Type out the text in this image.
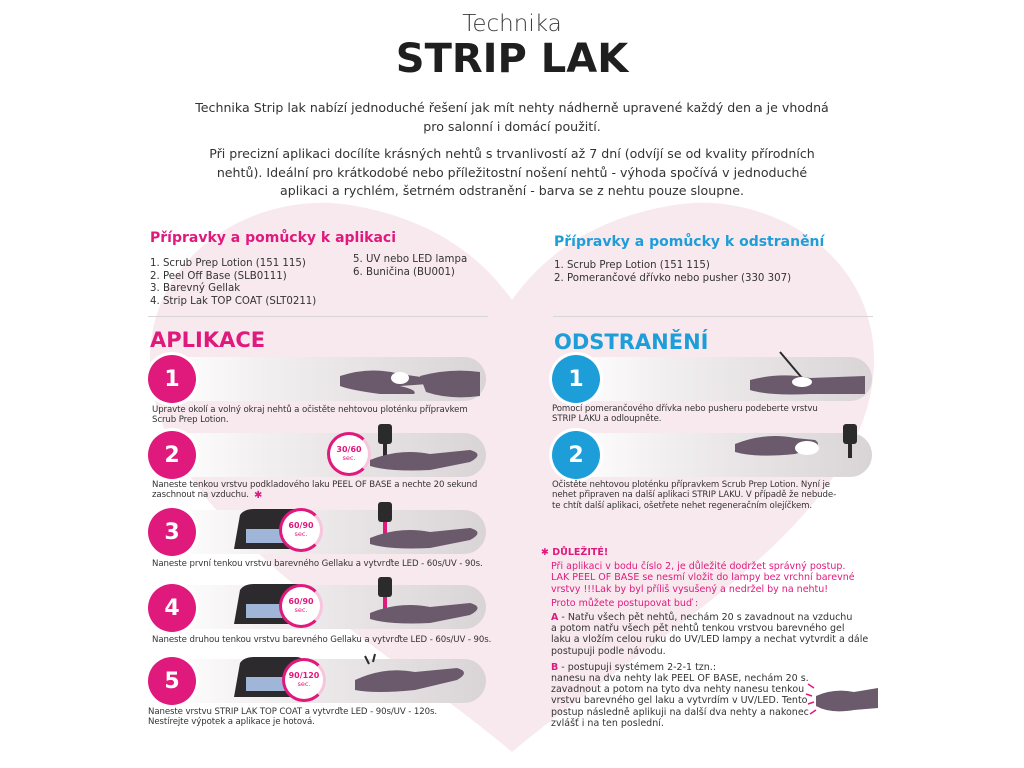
Technika
STRIP LAK
Technika Strip lak nabízí jednoduché řešení jak mít nehty nádherně upravené každý den a je vhodná pro salonní i domácí použití.
Při precizní aplikaci docílíte krásných nehtů s trvanlivostí až 7 dní (odvíjí se od kvality přírodních nehtů). Ideální pro krátkodobé nebo příležitostní nošení nehtů - výhoda spočívá v jednoduché aplikaci a rychlém, šetrném odstranění - barva se z nehtu pouze sloupne.
Přípravky a pomůcky k aplikaci
1. Scrub Prep Lotion (151 115)
2. Peel Off Base (SLB0111)
3. Barevný Gellak
4. Strip Lak TOP COAT (SLT0211)
5. UV nebo LED lampa
6. Buničina (BU001)
Přípravky a pomůcky k odstranění
1. Scrub Prep Lotion (151 115)
2. Pomerančové dřívko nebo pusher (330 307)
APLIKACE
1
Upravte okolí a volný okraj nehtů a očistěte nehtovou ploténku přípravkem
Scrub Prep Lotion.
30/60
sec.
2
Naneste tenkou vrstvu podkladového laku PEEL OF BASE a nechte 20 sekund
zaschnout na vzduchu. ✱
60/90
sec.
3
Naneste první tenkou vrstvu barevného Gellaku a vytvrďte LED - 60s/UV - 90s.
60/90
sec.
4
Naneste druhou tenkou vrstvu barevného Gellaku a vytvrďte LED - 60s/UV - 90s.
90/120
sec.
5
Naneste vrstvu STRIP LAK TOP COAT a vytvrďte LED - 90s/UV - 120s.
Nestírejte výpotek a aplikace je hotová.
ODSTRANĚNÍ
1
Pomocí pomerančového dřívka nebo pusheru podeberte vrstvu
STRIP LAKU a odloupněte.
2
Očistěte nehtovou ploténku přípravkem Scrub Prep Lotion. Nyní je
nehet připraven na další aplikaci STRIP LAKU. V případě že nebude-
te chtít další aplikaci, ošetřete nehet regeneračním olejíčkem.
✱ DŮLEŽITÉ!
Při aplikaci v bodu číslo 2, je důležité dodržet správný postup.
LAK PEEL OF BASE se nesmí vložit do lampy bez vrchní barevné
vrstvy !!!Lak by byl příliš vysušený a nedržel by na nehtu!
Proto můžete postupovat buď :
A - Natřu všech pět nehtů, nechám 20 s zavadnout na vzduchu
a potom natřu všech pět nehtů tenkou vrstvou barevného gel
laku a vložím celou ruku do UV/LED lampy a nechat vytvrdit a dále
postupuji podle návodu.
B - postupuji systémem 2-2-1 tzn.:
nanesu na dva nehty lak PEEL OF BASE, nechám 20 s.
zavadnout a potom na tyto dva nehty nanesu tenkou
vrstvu barevného gel laku a vytvrdím v UV/LED. Tento
postup následně aplikuji na další dva nehty a nakonec
zvlášť i na ten poslední.
